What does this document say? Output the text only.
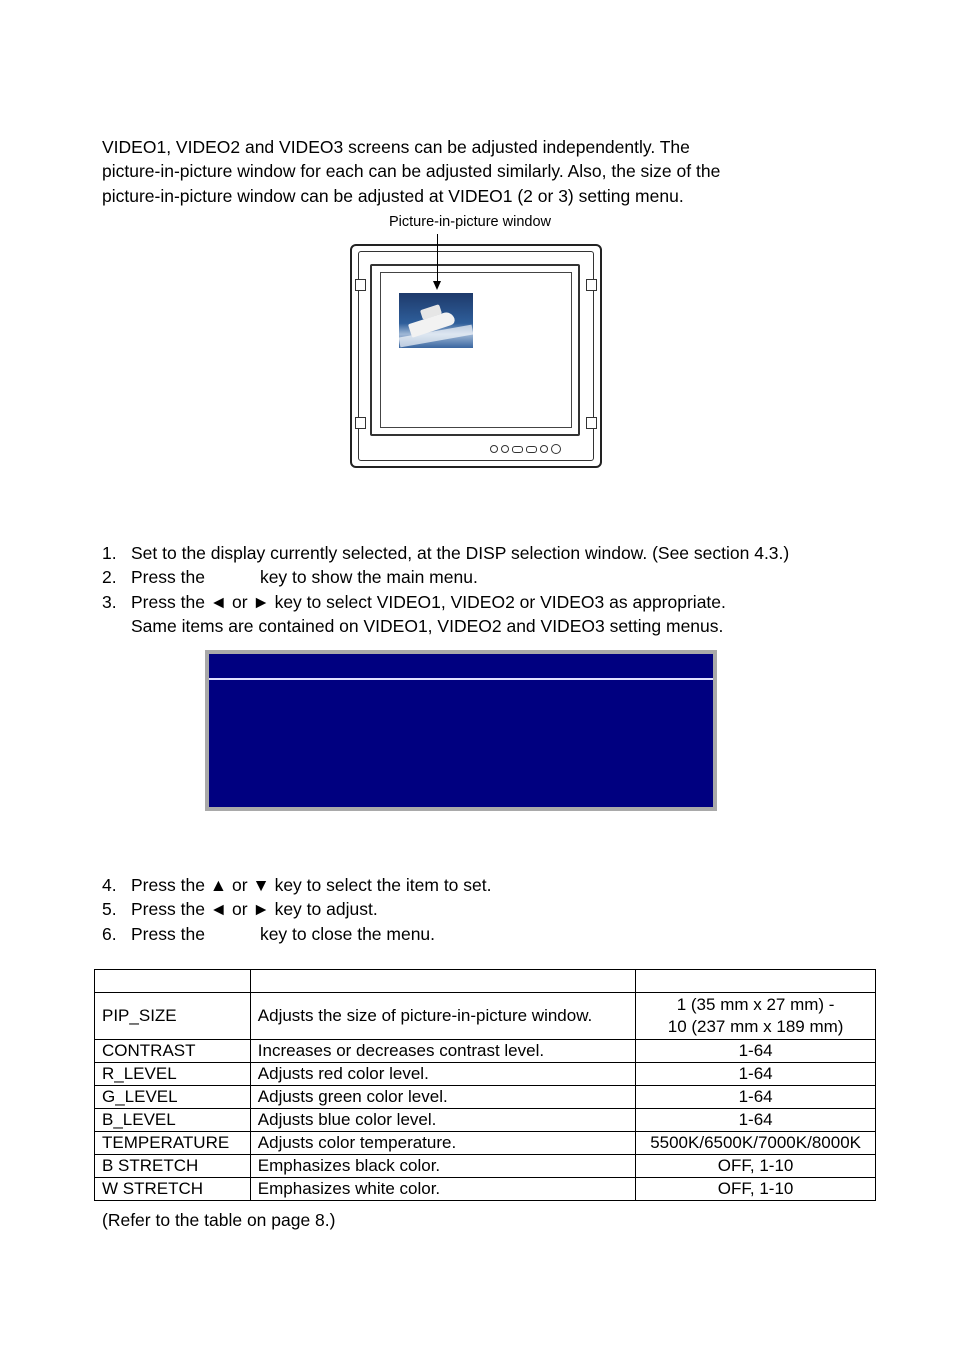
VIDEO1, VIDEO2 and VIDEO3 screens can be adjusted independently. The
picture-in-picture window for each can be adjusted similarly. Also, the size of the
picture-in-picture window can be adjusted at VIDEO1 (2 or 3) setting menu.

Picture-in-picture window

1. Set to the display currently selected, at the DISP selection window. (See section 4.3.)
2. Press the	key to show the main menu.
3. Press the ◄ or ► key to select VIDEO1, VIDEO2 or VIDEO3 as appropriate.
Same items are contained on VIDEO1, VIDEO2 and VIDEO3 setting menus.
4. Press the ▲ or ▼ key to select the item to set.
5. Press the ◄ or ► key to adjust.
6. Press the	key to close the menu.

PIP_SIZE	Adjusts the size of picture-in-picture window.	1 (35 mm x 27 mm) -
10 (237 mm x 189 mm)
CONTRAST	Increases or decreases contrast level.	1-64
R_LEVEL	Adjusts red color level.	1-64
G_LEVEL	Adjusts green color level.	1-64
B_LEVEL	Adjusts blue color level.	1-64
TEMPERATURE	Adjusts color temperature.	5500K/6500K/7000K/8000K
B STRETCH	Emphasizes black color.	OFF, 1-10
W STRETCH	Emphasizes white color.	OFF, 1-10
(Refer to the table on page 8.)
